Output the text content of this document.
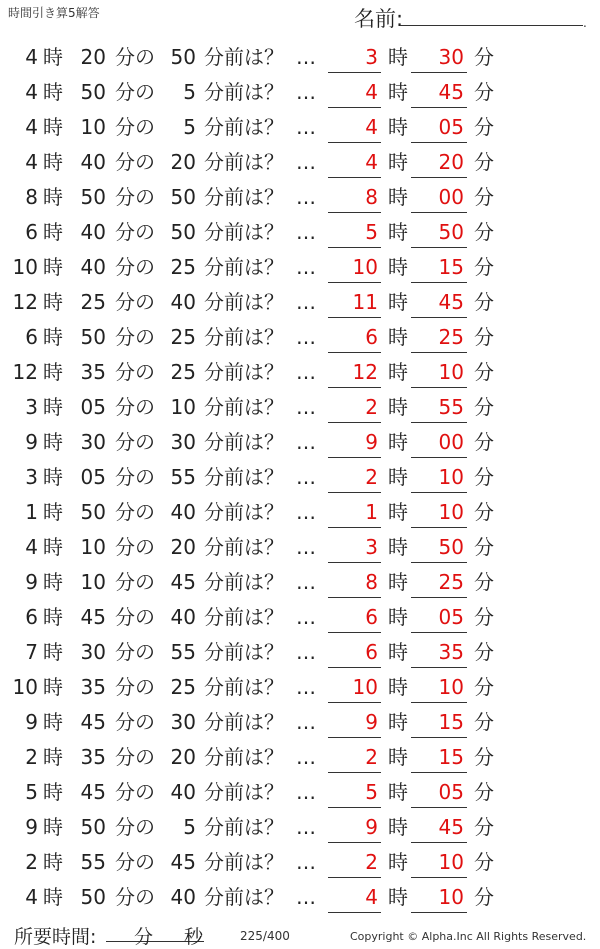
時間引き算5解答	名前:	.
4 時 20 分の 50 分前は？ …	3 時	30 分
4 時 50 分の	5 分前は？ …	4 時	45 分
4 時 10 分の	5 分前は？ …	4 時	05 分
4 時 40 分の 20 分前は？ …	4 時	20 分
8 時 50 分の 50 分前は？ …	8 時	00 分
6 時 40 分の 50 分前は？ …	5 時	50 分
10 時 40 分の 25 分前は？ …	10 時	15 分
12 時 25 分の 40 分前は？ …	11 時	45 分
6 時 50 分の 25 分前は？ …	6 時	25 分
12 時 35 分の 25 分前は？ …	12 時	10 分
3 時 05 分の 10 分前は？ …	2 時	55 分
9 時 30 分の 30 分前は？ …	9 時	00 分
3 時 05 分の 55 分前は？ …	2 時	10 分
1 時 50 分の 40 分前は？ …	1 時	10 分
4 時 10 分の 20 分前は？ …	3 時	50 分
9 時 10 分の 45 分前は？ …	8 時	25 分
6 時 45 分の 40 分前は？ …	6 時	05 分
7 時 30 分の 55 分前は？ …	6 時	35 分
10 時 35 分の 25 分前は？ …	10 時	10 分
9 時 45 分の 30 分前は？ …	9 時	15 分
2 時 35 分の 20 分前は？ …	2 時	15 分
5 時 45 分の 40 分前は？ …	5 時	05 分
9 時 50 分の	5 分前は？ …	9 時	45 分
2 時 55 分の 45 分前は？ …	2 時	10 分
4 時 50 分の 40 分前は？ …	4 時	10 分
所要時間: 分 秒	225/400	Copyright © Alpha.Inc All Rights Reserved.
